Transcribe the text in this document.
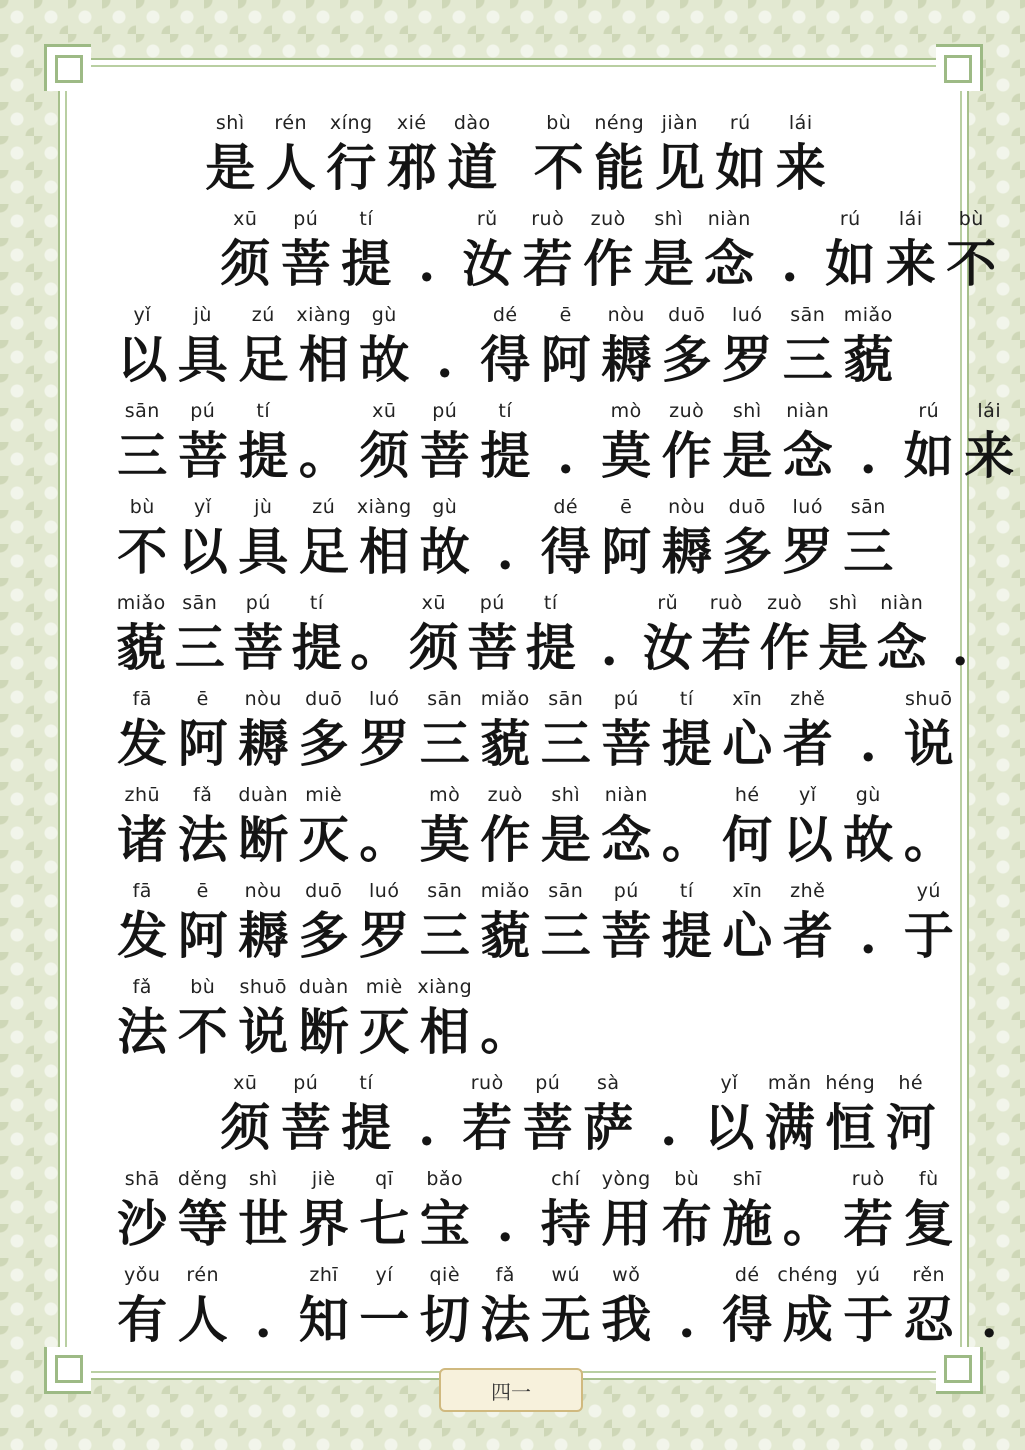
shì
是
rén
人
xíng
行
xié
邪
dào
道
bù
不
néng
能
jiàn
见
rú
如
lái
来
xū
须
pú
菩
tí
提 .
rǔ
汝
ruò
若
zuò
作
shì
是
niàn
念 .
rú
如
lái
来
bù
不
yǐ
以
jù
具
zú
足
xiàng
相
gù
故 .
dé
得
ē
阿
nòu
耨
duō
多
luó
罗
sān
三
miǎo
藐
sān
三
pú
菩
tí
提 。
xū
须
pú
菩
tí
提 .
mò
莫
zuò
作
shì
是
niàn
念 .
rú
如
lái
来
bù
不
yǐ
以
jù
具
zú
足
xiàng
相
gù
故 .
dé
得
ē
阿
nòu
耨
duō
多
luó
罗
sān
三
miǎo
藐
sān
三
pú
菩
tí
提 。
xū
须
pú
菩
tí
提 .
rǔ
汝
ruò
若
zuò
作
shì
是
niàn
念 .
fā
发
ē
阿
nòu
耨
duō
多
luó
罗
sān
三
miǎo
藐
sān
三
pú
菩
tí
提
xīn
心
zhě
者 .
shuō
说
zhū
诸
fǎ
法
duàn
断
miè
灭 。
mò
莫
zuò
作
shì
是
niàn
念 。
hé
何
yǐ
以
gù
故 。
fā
发
ē
阿
nòu
耨
duō
多
luó
罗
sān
三
miǎo
藐
sān
三
pú
菩
tí
提
xīn
心
zhě
者 .
yú
于
fǎ
法
bù
不
shuō
说
duàn
断
miè
灭
xiàng
相 。
xū
须
pú
菩
tí
提 .
ruò
若
pú
菩
sà
萨 .
yǐ
以
mǎn
满
héng
恒
hé
河
shā
沙
děng
等
shì
世
jiè
界
qī
七
bǎo
宝 .
chí
持
yòng
用
bù
布
shī
施 。
ruò
若
fù
复
yǒu
有
rén
人 .
zhī
知
yí
一
qiè
切
fǎ
法
wú
无
wǒ
我 .
dé
得
chéng
成
yú
于
rěn
忍 .
四一
